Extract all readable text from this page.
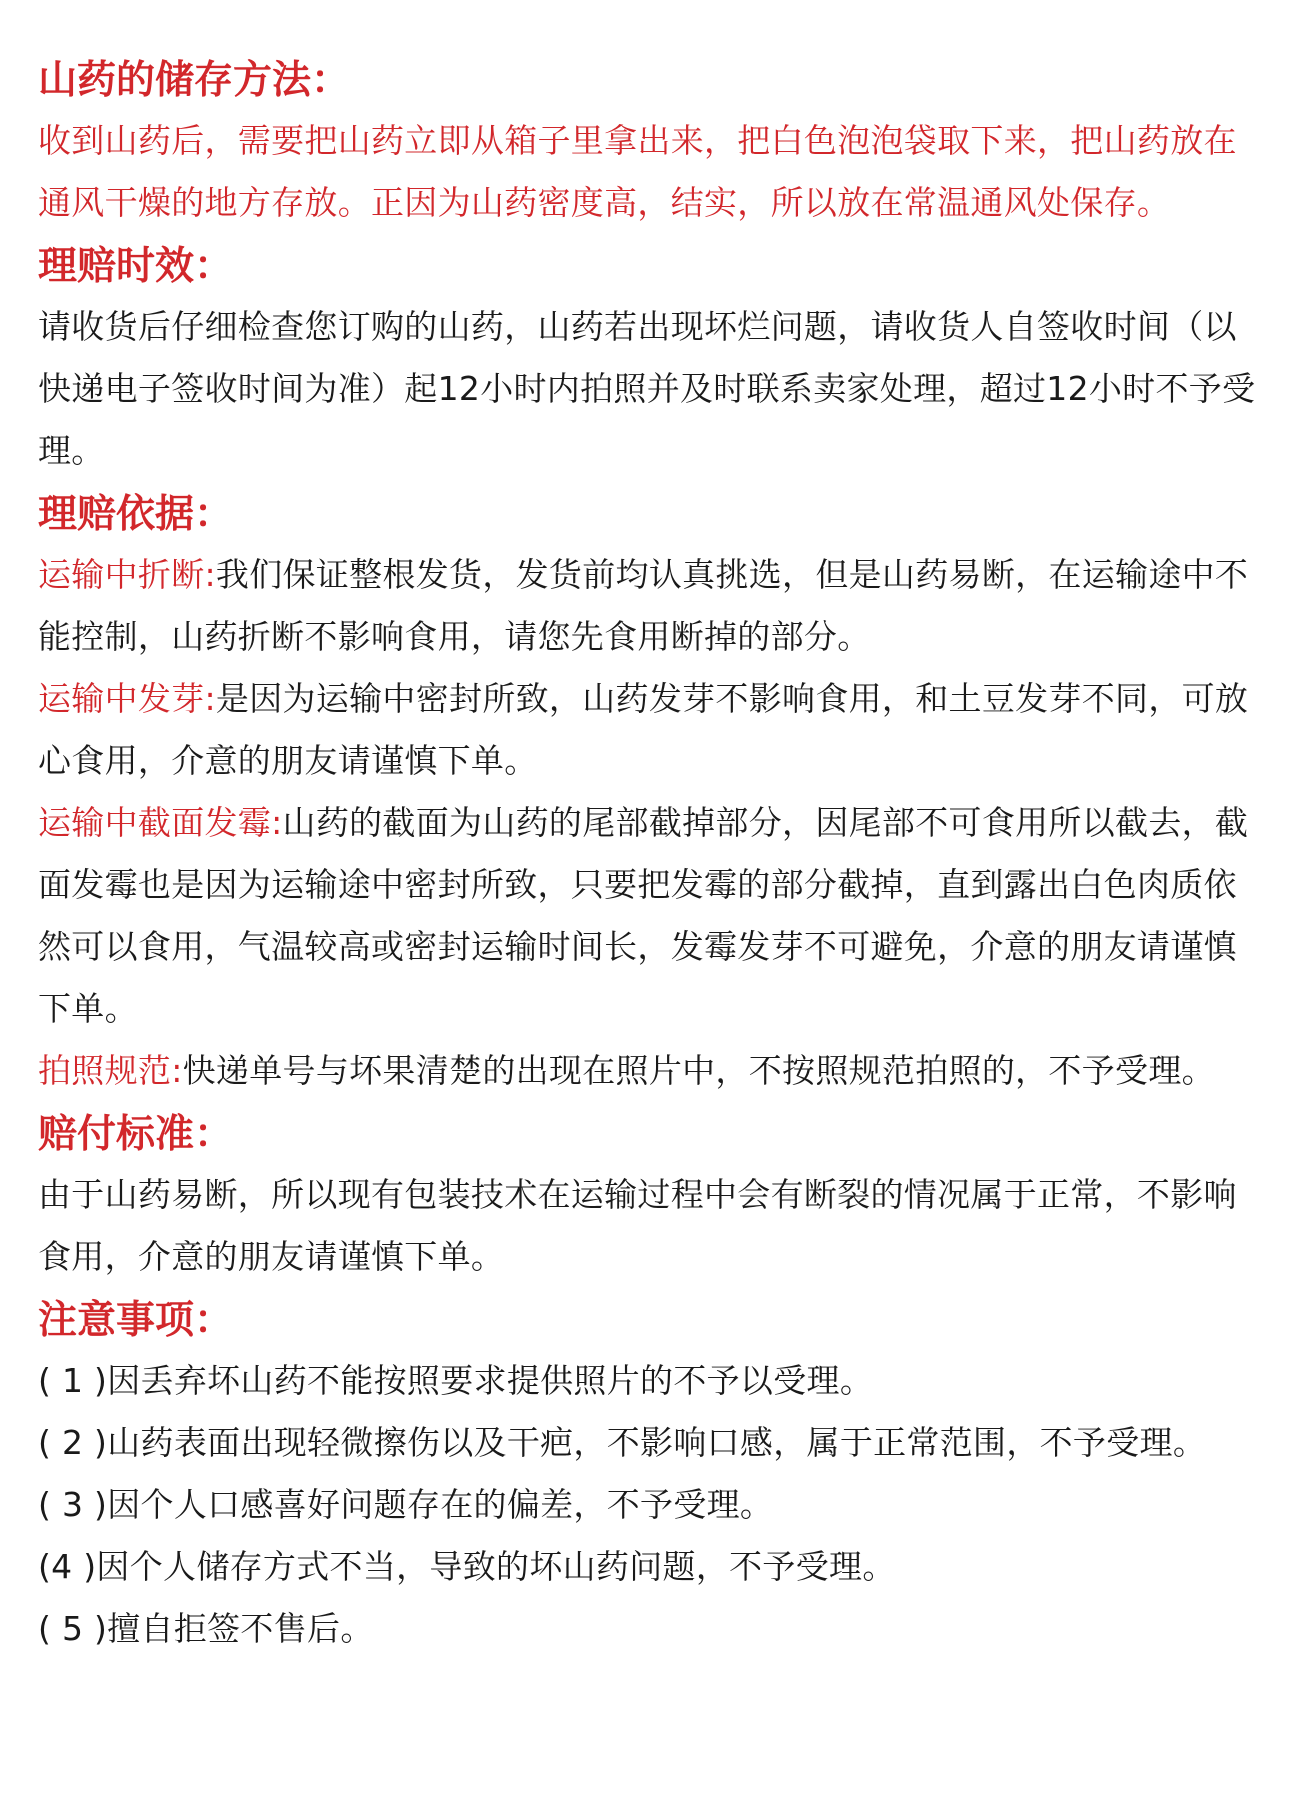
山药的储存方法：

收到山药后，需要把山药立即从箱子里拿出来，把白色泡泡袋取下来，把山药放在通风干燥的地方存放。正因为山药密度高，结实，所以放在常温通风处保存。

理赔时效：

请收货后仔细检查您订购的山药，山药若出现坏烂问题，请收货人自签收时间（以快递电子签收时间为准）起12小时内拍照并及时联系卖家处理，超过12小时不予受理。

理赔依据：

运输中折断:我们保证整根发货，发货前均认真挑选，但是山药易断，在运输途中不能控制，山药折断不影响食用，请您先食用断掉的部分。

运输中发芽:是因为运输中密封所致，山药发芽不影响食用，和土豆发芽不同，可放心食用，介意的朋友请谨慎下单。

运输中截面发霉:山药的截面为山药的尾部截掉部分，因尾部不可食用所以截去，截面发霉也是因为运输途中密封所致，只要把发霉的部分截掉，直到露出白色肉质依然可以食用，气温较高或密封运输时间长，发霉发芽不可避免，介意的朋友请谨慎下单。

拍照规范:快递单号与坏果清楚的出现在照片中，不按照规范拍照的，不予受理。

赔付标准：

由于山药易断，所以现有包装技术在运输过程中会有断裂的情况属于正常，不影响食用，介意的朋友请谨慎下单。

注意事项：

( 1 )因丢弃坏山药不能按照要求提供照片的不予以受理。

( 2 )山药表面出现轻微擦伤以及干疤，不影响口感，属于正常范围，不予受理。

( 3 )因个人口感喜好问题存在的偏差，不予受理。

(4 )因个人储存方式不当，导致的坏山药问题，不予受理。

( 5 )擅自拒签不售后。
